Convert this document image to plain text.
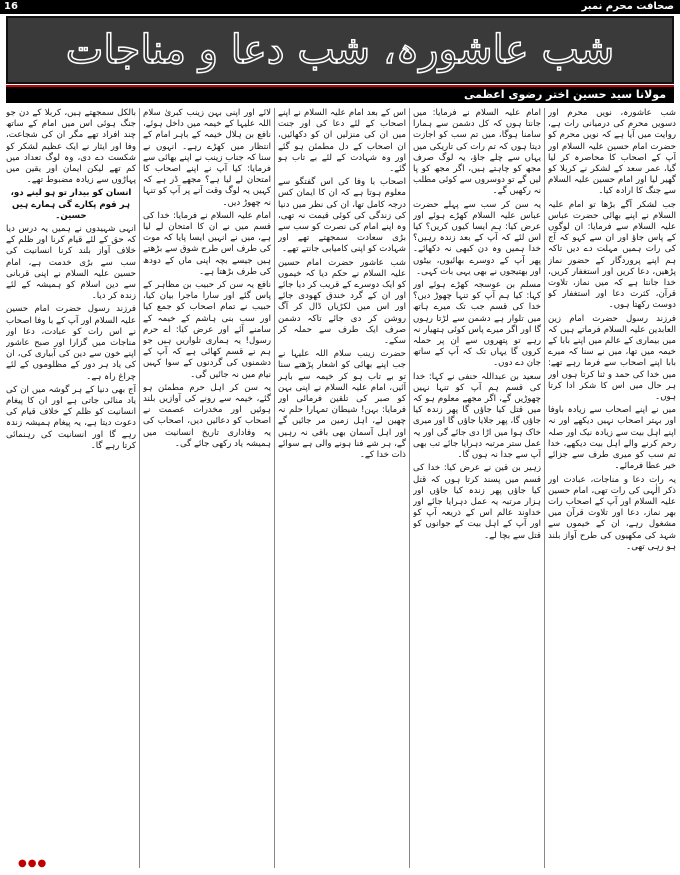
16	صحافت محرم نمبر
شب عاشورہ، شب دعا و مناجات
مولانا سید حسین اختر رضوی اعظمی

شب عاشورہ، نویں محرم اور دسویں محرم کی درمیانی رات ہے، روایت میں آیا ہے کہ نویں محرم کو حضرت امام حسین علیہ السلام اور آپ کے اصحاب کا محاصرہ کر لیا گیا، عمر سعد کے لشکر نے کربلا کو گھیر لیا اور امام حسین علیہ السلام سے جنگ کا ارادہ کیا۔

جب لشکر آگے بڑھا تو امام علیہ السلام نے اپنے بھائی حضرت عباس علیہ السلام سے فرمایا: ان لوگوں کے پاس جاؤ اور ان سے کہو کہ آج کی رات ہمیں مہلت دے دیں تاکہ ہم اپنے پروردگار کے حضور نماز پڑھیں، دعا کریں اور استغفار کریں، خدا جانتا ہے کہ میں نماز، تلاوت قرآن، کثرت دعا اور استغفار کو دوست رکھتا ہوں۔

فرزند رسول حضرت امام زین العابدین علیہ السلام فرماتے ہیں کہ میں بیماری کے عالم میں اپنے بابا کے خیمہ میں تھا، میں نے سنا کہ میرے بابا اپنے اصحاب سے فرما رہے تھے: میں خدا کی حمد و ثنا کرتا ہوں اور ہر حال میں اس کا شکر ادا کرتا ہوں۔

میں نے اپنے اصحاب سے زیادہ باوفا اور بہتر اصحاب نہیں دیکھے اور نہ اپنے اہل بیت سے زیادہ نیک اور صلہ رحم کرنے والے اہل بیت دیکھے، خدا تم سب کو میری طرف سے جزائے خیر عطا فرمائے۔

یہ رات دعا و مناجات، عبادت اور ذکر الٰہی کی رات تھی، امام حسین علیہ السلام اور آپ کے اصحاب رات بھر نماز، دعا اور تلاوت قرآن میں مشغول رہے، ان کے خیموں سے شہد کی مکھیوں کی طرح آواز بلند ہو رہی تھی۔

امام علیہ السلام نے فرمایا: میں جانتا ہوں کہ کل دشمن سے ہمارا سامنا ہوگا، میں تم سب کو اجازت دیتا ہوں کہ تم رات کی تاریکی میں یہاں سے چلے جاؤ، یہ لوگ صرف مجھ کو چاہتے ہیں، اگر مجھ کو پا لیں گے تو دوسروں سے کوئی مطلب نہ رکھیں گے۔

یہ سن کر سب سے پہلے حضرت عباس علیہ السلام کھڑے ہوئے اور عرض کیا: ہم ایسا کیوں کریں؟ کیا اس لئے کہ آپ کے بعد زندہ رہیں؟ خدا ہمیں وہ دن کبھی نہ دکھائے۔ پھر آپ کے دوسرے بھائیوں، بیٹوں اور بھتیجوں نے بھی یہی بات کہی۔

مسلم بن عوسجہ کھڑے ہوئے اور کہا: کیا ہم آپ کو تنہا چھوڑ دیں؟ خدا کی قسم جب تک میرے ہاتھ میں تلوار ہے دشمن سے لڑتا رہوں گا اور اگر میرے پاس کوئی ہتھیار نہ رہے تو پتھروں سے ان پر حملہ کروں گا یہاں تک کہ آپ کے ساتھ جان دے دوں۔

سعید بن عبداللہ حنفی نے کہا: خدا کی قسم ہم آپ کو تنہا نہیں چھوڑیں گے، اگر مجھے معلوم ہو کہ میں قتل کیا جاؤں گا پھر زندہ کیا جاؤں گا، پھر جلایا جاؤں گا اور میری خاک ہوا میں اڑا دی جائے گی اور یہ عمل ستر مرتبہ دہرایا جائے تب بھی آپ سے جدا نہ ہوں گا۔

زہیر بن قین نے عرض کیا: خدا کی قسم میں پسند کرتا ہوں کہ قتل کیا جاؤں پھر زندہ کیا جاؤں اور ہزار مرتبہ یہ عمل دہرایا جائے اور خداوند عالم اس کے ذریعہ آپ کو اور آپ کے اہل بیت کے جوانوں کو قتل سے بچا لے۔

اس کے بعد امام علیہ السلام نے اپنے اصحاب کے لئے دعا کی اور جنت میں ان کی منزلیں ان کو دکھائیں، ان اصحاب کے دل مطمئن ہو گئے اور وہ شہادت کے لئے بے تاب ہو گئے۔

اصحاب با وفا کی اس گفتگو سے معلوم ہوتا ہے کہ ان کا ایمان کس درجہ کامل تھا، ان کی نظر میں دنیا کی زندگی کی کوئی قیمت نہ تھی، وہ اپنے امام کی نصرت کو سب سے بڑی سعادت سمجھتے تھے اور شہادت کو اپنی کامیابی جانتے تھے۔

شب عاشور حضرت امام حسین علیہ السلام نے حکم دیا کہ خیموں کو ایک دوسرے کے قریب کر دیا جائے اور ان کے گرد خندق کھودی جائے اور اس میں لکڑیاں ڈال کر آگ روشن کر دی جائے تاکہ دشمن صرف ایک طرف سے حملہ کر سکے۔

حضرت زینب سلام اللہ علیہا نے جب اپنے بھائی کو اشعار پڑھتے سنا تو بے تاب ہو کر خیمہ سے باہر آئیں، امام علیہ السلام نے اپنی بہن کو صبر کی تلقین فرمائی اور فرمایا: بہن! شیطان تمہارا حلم نہ چھین لے، اہل زمین مر جائیں گے اور اہل آسمان بھی باقی نہ رہیں گے، ہر شے فنا ہونے والی ہے سوائے ذات خدا کے۔

لائے اور اپنی بہن زینب کبریٰ سلام اللہ علیہا کے خیمہ میں داخل ہوئے، نافع بن ہلال خیمہ کے باہر امام کے انتظار میں کھڑے رہے۔ انہوں نے سنا کہ جناب زینب نے اپنے بھائی سے فرمایا: کیا آپ نے اپنے اصحاب کا امتحان لے لیا ہے؟ مجھے ڈر ہے کہ کہیں یہ لوگ وقت آنے پر آپ کو تنہا نہ چھوڑ دیں۔

امام علیہ السلام نے فرمایا: خدا کی قسم میں نے ان کا امتحان لے لیا ہے، میں نے انہیں ایسا پایا کہ موت کی طرف اس طرح شوق سے بڑھتے ہیں جیسے بچہ اپنی ماں کے دودھ کی طرف بڑھتا ہے۔

نافع یہ سن کر حبیب بن مظاہر کے پاس گئے اور سارا ماجرا بیان کیا، حبیب نے تمام اصحاب کو جمع کیا اور سب بنی ہاشم کے خیمہ کے سامنے آئے اور عرض کیا: اے حرم رسول! یہ ہماری تلواریں ہیں جو ہم نے قسم کھائی ہے کہ آپ کے دشمنوں کی گردنوں کے سوا کہیں نیام میں نہ جائیں گی۔

یہ سن کر اہل حرم مطمئن ہو گئے، خیمہ سے رونے کی آوازیں بلند ہوئیں اور مخدرات عصمت نے اصحاب کو دعائیں دیں، اصحاب کی یہ وفاداری تاریخ انسانیت میں ہمیشہ یاد رکھی جائے گی۔

بالکل سمجھتے ہیں، کربلا کے دن جو جنگ ہوئی اس میں امام کے ساتھ چند افراد تھے مگر ان کی شجاعت، وفا اور ایثار نے ایک عظیم لشکر کو شکست دے دی، وہ لوگ تعداد میں کم تھے لیکن ایمان اور یقین میں پہاڑوں سے زیادہ مضبوط تھے۔

انسان کو بیدار تو ہو لینے دو، ہر قوم پکارے گی ہمارے ہیں حسین۔

انہی شہیدوں نے ہمیں یہ درس دیا کہ حق کے لئے قیام کرنا اور ظلم کے خلاف آواز بلند کرنا انسانیت کی سب سے بڑی خدمت ہے، امام حسین علیہ السلام نے اپنی قربانی سے دین اسلام کو ہمیشہ کے لئے زندہ کر دیا۔

فرزند رسول حضرت امام حسین علیہ السلام اور آپ کے با وفا اصحاب نے اس رات کو عبادت، دعا اور مناجات میں گزارا اور صبح عاشور اپنے خون سے دین کی آبیاری کی، ان کی یاد ہر دور کے مظلوموں کے لئے چراغ راہ ہے۔

آج بھی دنیا کے ہر گوشہ میں ان کی یاد منائی جاتی ہے اور ان کا پیغام انسانیت کو ظلم کے خلاف قیام کی دعوت دیتا ہے، یہ پیغام ہمیشہ زندہ رہے گا اور انسانیت کی رہنمائی کرتا رہے گا۔

●●●
